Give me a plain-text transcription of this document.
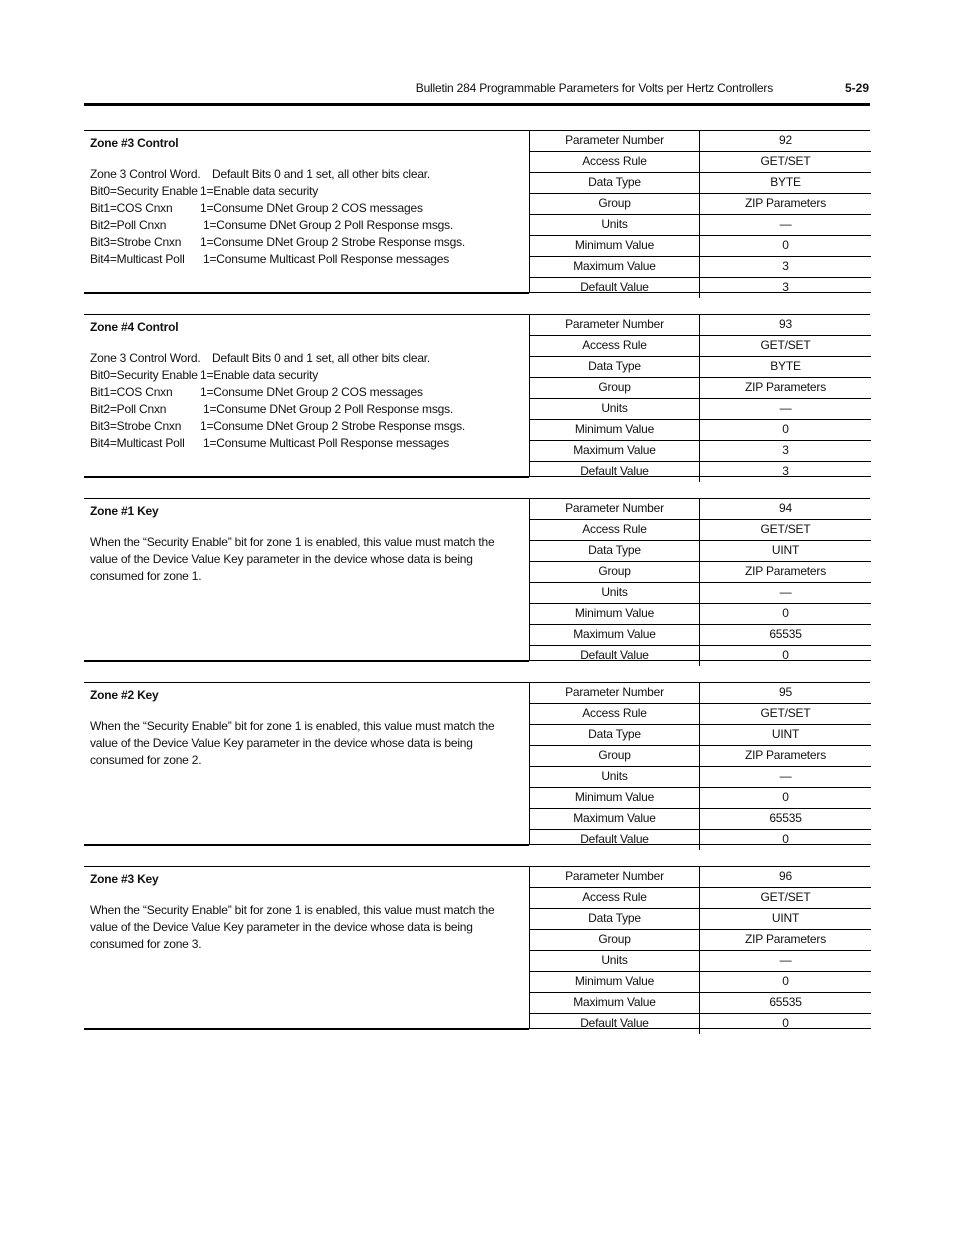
Bulletin 284 Programmable Parameters for Volts per Hertz Controllers	5-29
Zone #3 Control
Zone 3 Control Word. Default Bits 0 and 1 set, all other bits clear.
Bit0=Security Enable 1=Enable data security
Bit1=COS Cnxn 1=Consume DNet Group 2 COS messages
Bit2=Poll Cnxn	1=Consume DNet Group 2 Poll Response msgs.
Bit3=Strobe Cnxn 1=Consume DNet Group 2 Strobe Response msgs.
Bit4=Multicast Poll 1=Consume Multicast Poll Response messages
Parameter Number	92
Access Rule	GET/SET
Data Type	BYTE
Group	ZIP Parameters
Units	—
Minimum Value	0
Maximum Value	3
Default Value	3
Zone #4 Control
Zone 3 Control Word. Default Bits 0 and 1 set, all other bits clear.
Bit0=Security Enable 1=Enable data security
Bit1=COS Cnxn 1=Consume DNet Group 2 COS messages
Bit2=Poll Cnxn	1=Consume DNet Group 2 Poll Response msgs.
Bit3=Strobe Cnxn 1=Consume DNet Group 2 Strobe Response msgs.
Bit4=Multicast Poll 1=Consume Multicast Poll Response messages
Parameter Number	93
Access Rule	GET/SET
Data Type	BYTE
Group	ZIP Parameters
Units	—
Minimum Value	0
Maximum Value	3
Default Value	3
Zone #1 Key
When the “Security Enable” bit for zone 1 is enabled, this value must match the
value of the Device Value Key parameter in the device whose data is being
consumed for zone 1.
Parameter Number	94
Access Rule	GET/SET
Data Type	UINT
Group	ZIP Parameters
Units	—
Minimum Value	0
Maximum Value	65535
Default Value	0
Zone #2 Key
When the “Security Enable” bit for zone 1 is enabled, this value must match the
value of the Device Value Key parameter in the device whose data is being
consumed for zone 2.
Parameter Number	95
Access Rule	GET/SET
Data Type	UINT
Group	ZIP Parameters
Units	—
Minimum Value	0
Maximum Value	65535
Default Value	0
Zone #3 Key
When the “Security Enable” bit for zone 1 is enabled, this value must match the
value of the Device Value Key parameter in the device whose data is being
consumed for zone 3.
Parameter Number	96
Access Rule	GET/SET
Data Type	UINT
Group	ZIP Parameters
Units	—
Minimum Value	0
Maximum Value	65535
Default Value	0
